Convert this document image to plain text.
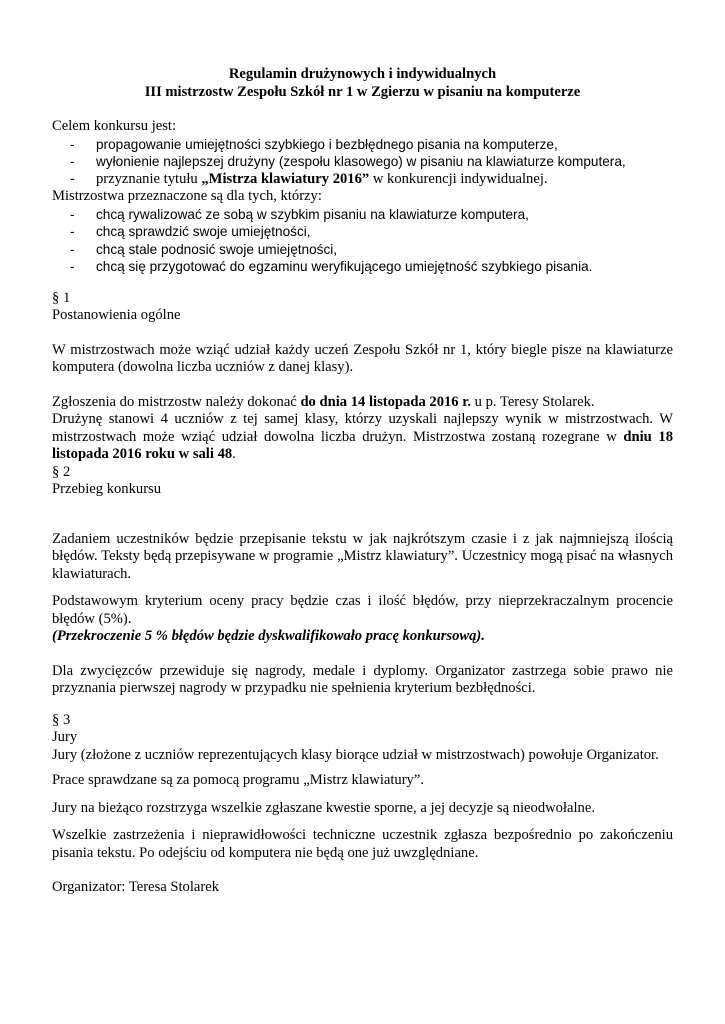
Regulamin drużynowych i indywidualnych

III mistrzostw Zespołu Szkół nr 1 w Zgierzu w pisaniu na komputerze

Celem konkursu jest:

- propagowanie umiejętności szybkiego i bezbłędnego pisania na komputerze,
- wyłonienie najlepszej drużyny (zespołu klasowego) w pisaniu na klawiaturze komputera,
- przyznanie tytułu „Mistrza klawiatury 2016” w konkurencji indywidualnej.

Mistrzostwa przeznaczone są dla tych, którzy:

- chcą rywalizować ze sobą w szybkim pisaniu na klawiaturze komputera,
- chcą sprawdzić swoje umiejętności,
- chcą stale podnosić swoje umiejętności,
- chcą się przygotować do egzaminu weryfikującego umiejętność szybkiego pisania.

§ 1

Postanowienia ogólne

W mistrzostwach może wziąć udział każdy uczeń Zespołu Szkół nr 1, który biegle pisze na klawiaturze komputera (dowolna liczba uczniów z danej klasy).

Zgłoszenia do mistrzostw należy dokonać do dnia 14 listopada 2016 r. u p. Teresy Stolarek.

Drużynę stanowi 4 uczniów z tej samej klasy, którzy uzyskali najlepszy wynik w mistrzostwach. W mistrzostwach może wziąć udział dowolna liczba drużyn. Mistrzostwa zostaną rozegrane w dniu 18 listopada 2016 roku w sali 48.

§ 2

Przebieg konkursu

Zadaniem uczestników będzie przepisanie tekstu w jak najkrótszym czasie i z jak najmniejszą ilością błędów. Teksty będą przepisywane w programie „Mistrz klawiatury”. Uczestnicy mogą pisać na własnych klawiaturach.

Podstawowym kryterium oceny pracy będzie czas i ilość błędów, przy nieprzekraczalnym procencie błędów (5%).

(Przekroczenie 5 % błędów będzie dyskwalifikowało pracę konkursową).

Dla zwycięzców przewiduje się nagrody, medale i dyplomy. Organizator zastrzega sobie prawo nie przyznania pierwszej nagrody w przypadku nie spełnienia kryterium bezbłędności.

§ 3

Jury

Jury (złożone z uczniów reprezentujących klasy biorące udział w mistrzostwach) powołuje Organizator.

Prace sprawdzane są za pomocą programu „Mistrz klawiatury”.

Jury na bieżąco rozstrzyga wszelkie zgłaszane kwestie sporne, a jej decyzje są nieodwołalne.

Wszelkie zastrzeżenia i nieprawidłowości techniczne uczestnik zgłasza bezpośrednio po zakończeniu pisania tekstu. Po odejściu od komputera nie będą one już uwzględniane.

Organizator: Teresa Stolarek
